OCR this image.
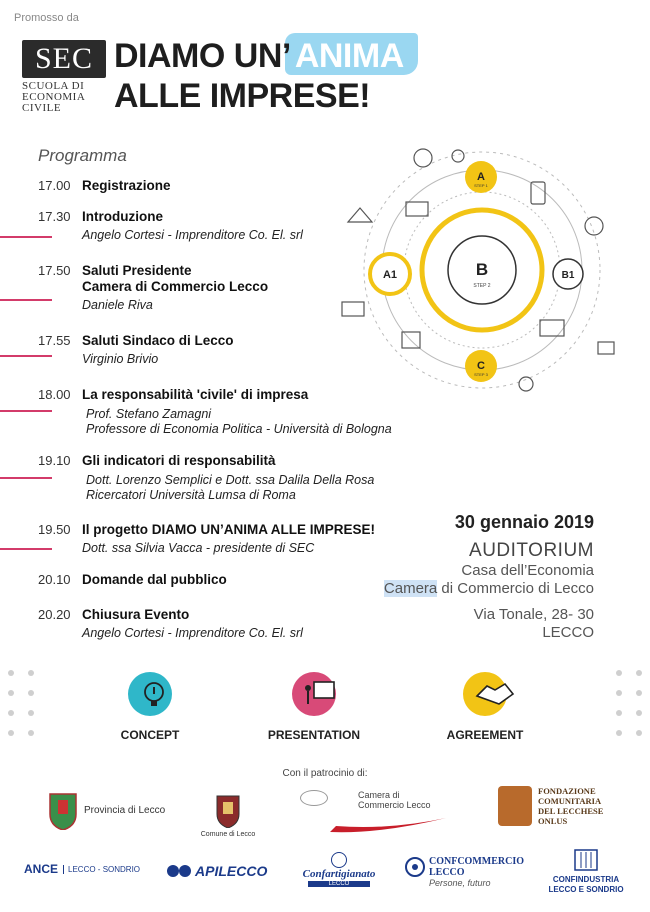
Promosso da
SEC
SCUOLA DI
ECONOMIA
CIVILE
DIAMO UN’ ANIMA
ALLE IMPRESE!
Programma
17.00 Registrazione
17.30 Introduzione
Angelo Cortesi - Imprenditore Co. El. srl
17.50 Saluti Presidente
Camera di Commercio Lecco
Daniele Riva
17.55 Saluti Sindaco di Lecco
Virginio Brivio
18.00 La responsabilità 'civile' di impresa
Prof. Stefano Zamagni
Professore di Economia Politica - Università di Bologna
19.10 Gli indicatori di responsabilità
Dott. Lorenzo Semplici e Dott. ssa Dalila Della Rosa
Ricercatori Università Lumsa di Roma
19.50 Il progetto DIAMO UN’ANIMA ALLE IMPRESE!
Dott. ssa Silvia Vacca - presidente di SEC
20.10 Domande dal pubblico
20.20 Chiusura Evento
Angelo Cortesi - Imprenditore Co. El. srl
B
STEP 2
A
STEP 1
C
STEP 3
A1	B1
30 gennaio 2019
AUDITORIUM
Casa dell’Economia
Camera di Commercio di Lecco
Via Tonale, 28- 30
LECCO
CONCEPT	PRESENTATION	AGREEMENT
Con il patrocinio di:
Provincia di Lecco
Comune di Lecco
Camera di Commercio Lecco
FONDAZIONE COMUNITARIA DEL LECCHESE ONLUS
ANCE	LECCO - SONDRIO	APILECCO	Confartigianato
LECCO
CONFCOMMERCIO LECCO
Persone, futuro	CONFINDUSTRIA LECCO E SONDRIO
